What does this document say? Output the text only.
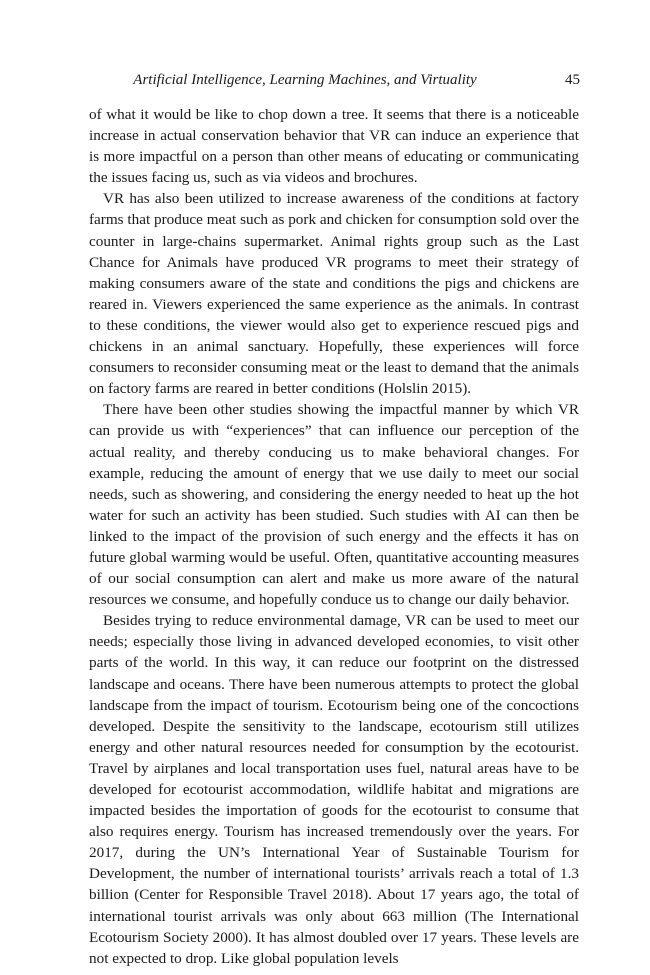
Artificial Intelligence, Learning Machines, and Virtuality	45

of what it would be like to chop down a tree. It seems that there is a noticeable increase in actual conservation behavior that VR can induce an experience that is more impactful on a person than other means of educating or communicating the issues facing us, such as via videos and brochures.

VR has also been utilized to increase awareness of the conditions at factory farms that produce meat such as pork and chicken for consumption sold over the counter in large-chains supermarket. Animal rights group such as the Last Chance for Animals have produced VR programs to meet their strategy of making consumers aware of the state and conditions the pigs and chickens are reared in. Viewers experienced the same experience as the animals. In contrast to these conditions, the viewer would also get to experience rescued pigs and chickens in an animal sanctuary. Hopefully, these experiences will force consumers to reconsider consuming meat or the least to demand that the animals on factory farms are reared in better conditions (Holslin 2015).

There have been other studies showing the impactful manner by which VR can provide us with “experiences” that can influence our perception of the actual reality, and thereby conducing us to make behavioral changes. For example, reducing the amount of energy that we use daily to meet our social needs, such as showering, and considering the energy needed to heat up the hot water for such an activity has been studied. Such studies with AI can then be linked to the impact of the provision of such energy and the effects it has on future global warming would be useful. Often, quantitative accounting measures of our social consumption can alert and make us more aware of the natural resources we consume, and hopefully conduce us to change our daily behavior.

Besides trying to reduce environmental damage, VR can be used to meet our needs; especially those living in advanced developed economies, to visit other parts of the world. In this way, it can reduce our footprint on the distressed landscape and oceans. There have been numerous attempts to protect the global landscape from the impact of tourism. Ecotourism being one of the concoctions developed. Despite the sensitivity to the landscape, ecotourism still utilizes energy and other natural resources needed for consumption by the ecotourist. Travel by airplanes and local transportation uses fuel, natural areas have to be developed for ecotourist accommodation, wildlife habitat and migrations are impacted besides the importation of goods for the ecotourist to consume that also requires energy. Tourism has increased tremendously over the years. For 2017, during the UN’s International Year of Sustainable Tourism for Development, the number of international tourists’ arrivals reach a total of 1.3 billion (Center for Responsible Travel 2018). About 17 years ago, the total of international tourist arrivals was only about 663 million (The International Ecotourism Society 2000). It has almost doubled over 17 years. These levels are not expected to drop. Like global population levels
